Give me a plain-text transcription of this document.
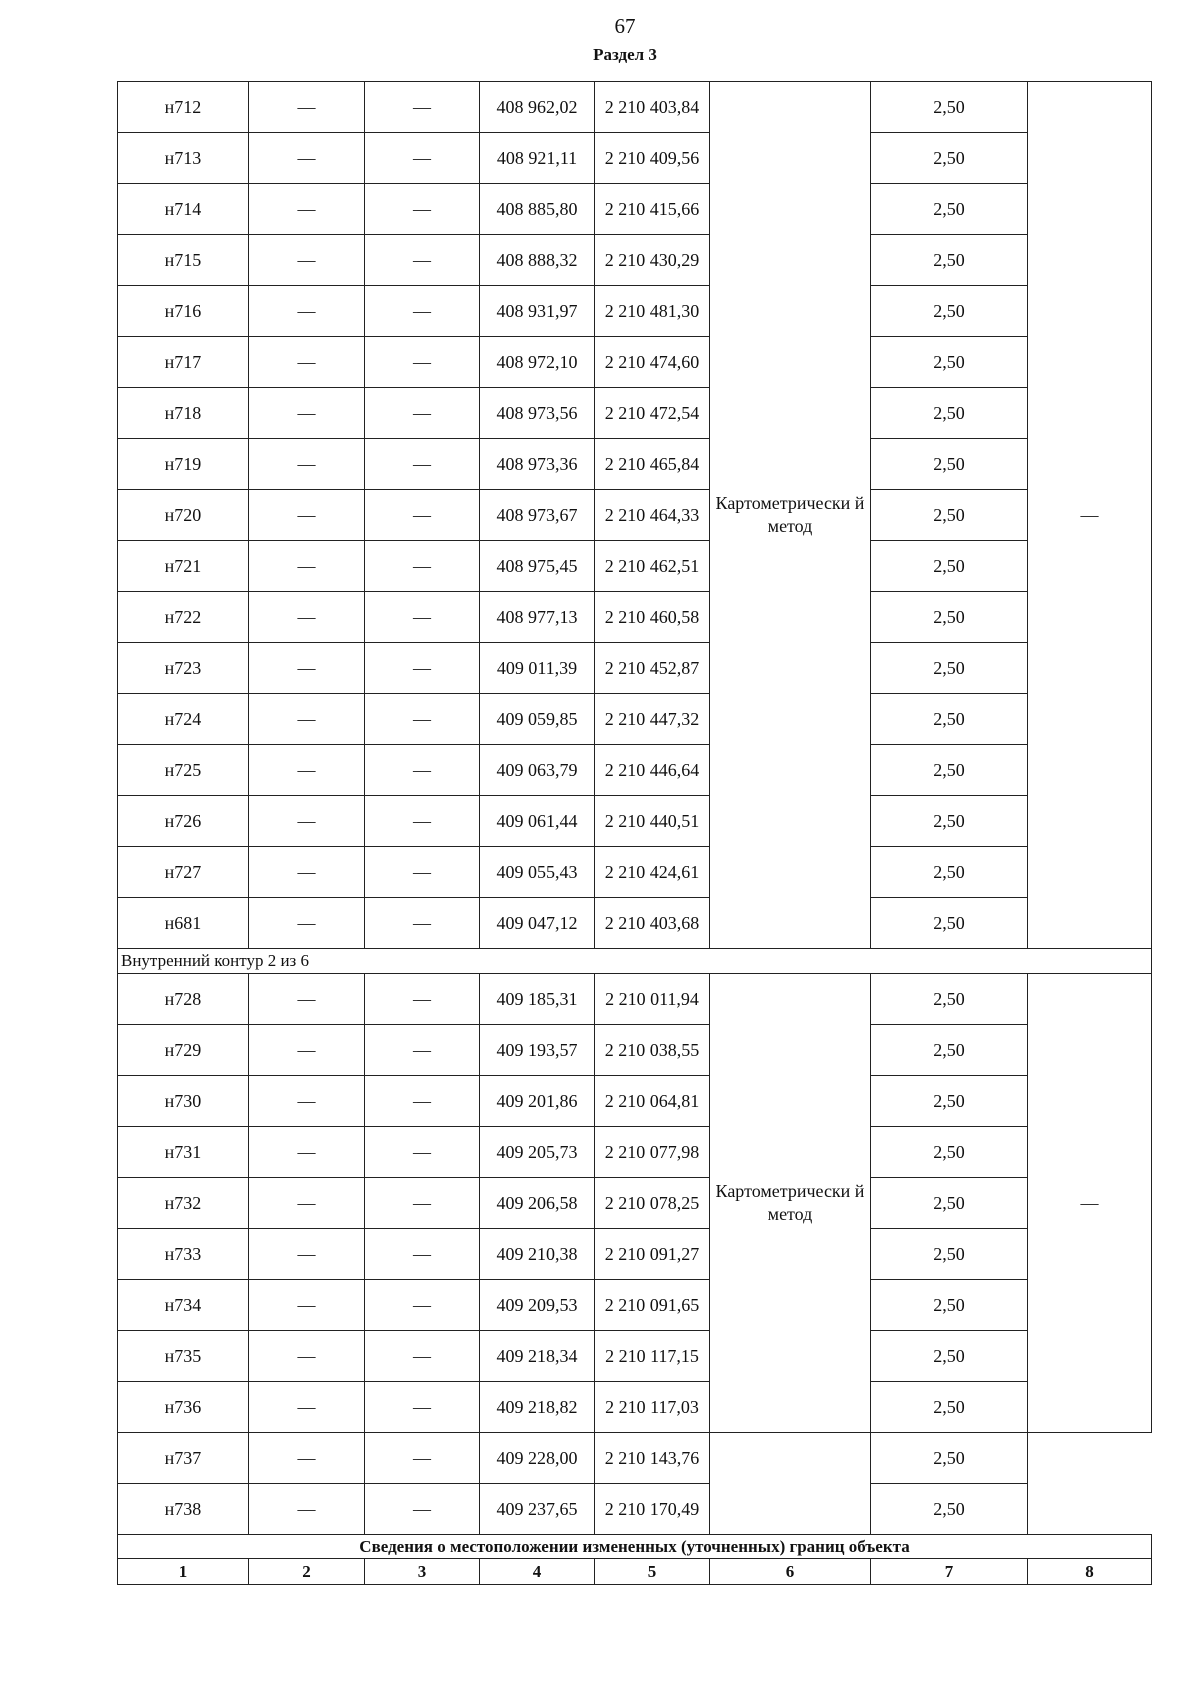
67
Раздел 3
н712	—	—	408 962,02	2 210 403,84	Картометрически й метод	2,50	—
н713	—	—	408 921,11	2 210 409,56		2,50	
н714	—	—	408 885,80	2 210 415,66		2,50	
н715	—	—	408 888,32	2 210 430,29		2,50	
н716	—	—	408 931,97	2 210 481,30		2,50	
н717	—	—	408 972,10	2 210 474,60		2,50	
н718	—	—	408 973,56	2 210 472,54		2,50	
н719	—	—	408 973,36	2 210 465,84		2,50	
н720	—	—	408 973,67	2 210 464,33		2,50	
н721	—	—	408 975,45	2 210 462,51		2,50	
н722	—	—	408 977,13	2 210 460,58		2,50	
н723	—	—	409 011,39	2 210 452,87		2,50	
н724	—	—	409 059,85	2 210 447,32		2,50	
н725	—	—	409 063,79	2 210 446,64		2,50	
н726	—	—	409 061,44	2 210 440,51		2,50	
н727	—	—	409 055,43	2 210 424,61		2,50	
н681	—	—	409 047,12	2 210 403,68		2,50	
Внутренний контур 2 из 6							
н728	—	—	409 185,31	2 210 011,94	Картометрически й метод	2,50	—
н729	—	—	409 193,57	2 210 038,55		2,50	
н730	—	—	409 201,86	2 210 064,81		2,50	
н731	—	—	409 205,73	2 210 077,98		2,50	
н732	—	—	409 206,58	2 210 078,25		2,50	
н733	—	—	409 210,38	2 210 091,27		2,50	
н734	—	—	409 209,53	2 210 091,65		2,50	
н735	—	—	409 218,34	2 210 117,15		2,50	
н736	—	—	409 218,82	2 210 117,03		2,50	
н737	—	—	409 228,00	2 210 143,76		2,50	
н738	—	—	409 237,65	2 210 170,49		2,50	
Сведения о местоположении измененных (уточненных) границ объекта							
1	2	3	4	5	6	7	8
